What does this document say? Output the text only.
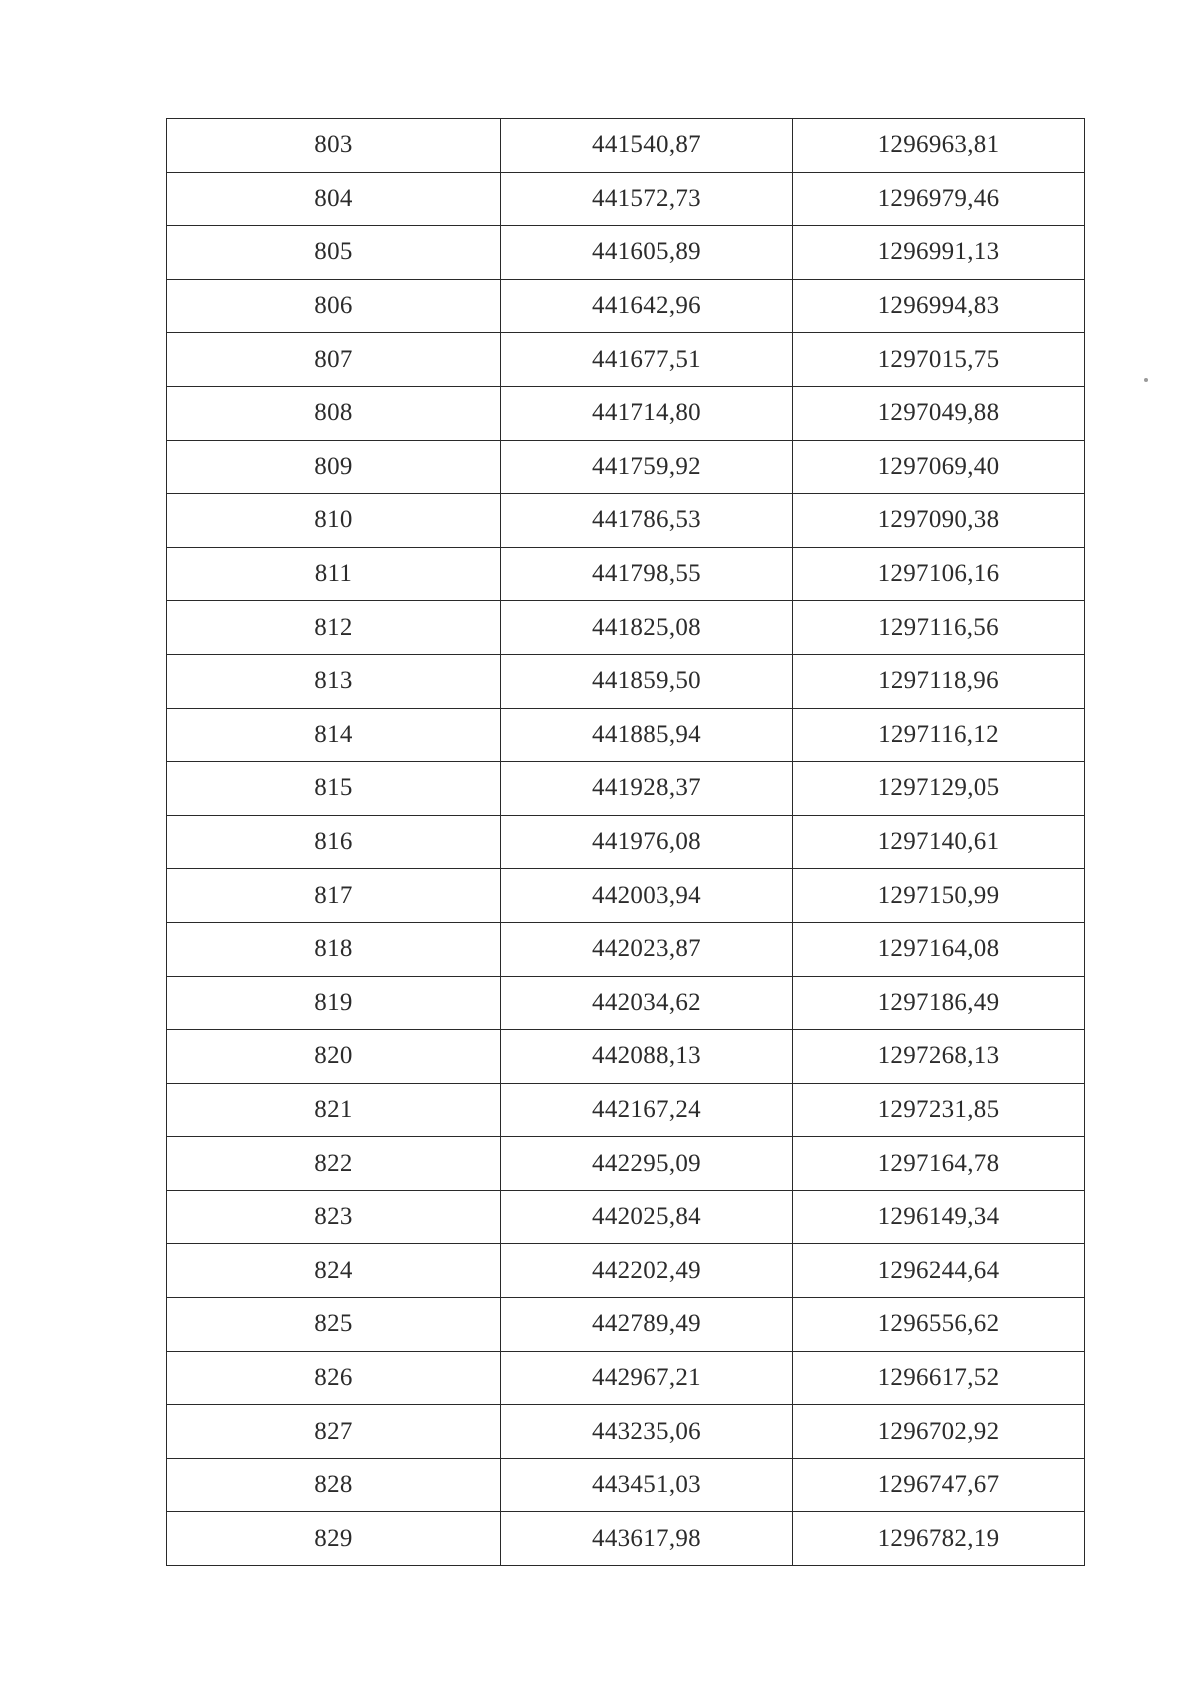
803	441540,87	1296963,81
804	441572,73	1296979,46
805	441605,89	1296991,13
806	441642,96	1296994,83
807	441677,51	1297015,75
808	441714,80	1297049,88
809	441759,92	1297069,40
810	441786,53	1297090,38
811	441798,55	1297106,16
812	441825,08	1297116,56
813	441859,50	1297118,96
814	441885,94	1297116,12
815	441928,37	1297129,05
816	441976,08	1297140,61
817	442003,94	1297150,99
818	442023,87	1297164,08
819	442034,62	1297186,49
820	442088,13	1297268,13
821	442167,24	1297231,85
822	442295,09	1297164,78
823	442025,84	1296149,34
824	442202,49	1296244,64
825	442789,49	1296556,62
826	442967,21	1296617,52
827	443235,06	1296702,92
828	443451,03	1296747,67
829	443617,98	1296782,19
